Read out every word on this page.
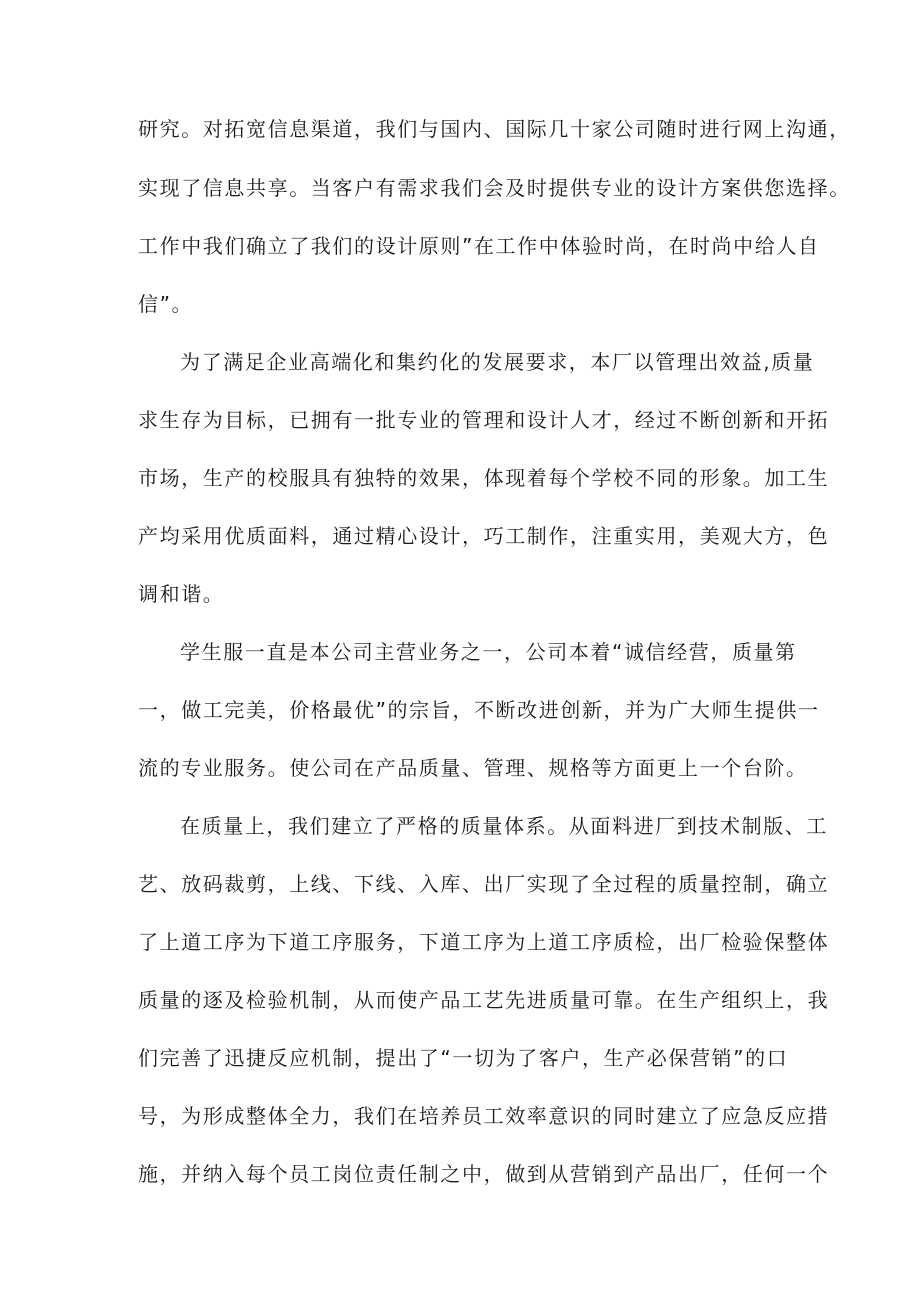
研究。对拓宽信息渠道，我们与国内、国际几十家公司随时进行网上沟通，
实现了信息共享。当客户有需求我们会及时提供专业的设计方案供您选择。
工作中我们确立了我们的设计原则”在工作中体验时尚，在时尚中给人自
信”。
为了满足企业高端化和集约化的发展要求，本厂以管理出效益,质量
求生存为目标，已拥有一批专业的管理和设计人才，经过不断创新和开拓
市场，生产的校服具有独特的效果，体现着每个学校不同的形象。加工生
产均采用优质面料，通过精心设计，巧工制作，注重实用，美观大方，色
调和谐。
学生服一直是本公司主营业务之一，公司本着“诚信经营，质量第
一，做工完美，价格最优”的宗旨，不断改进创新，并为广大师生提供一
流的专业服务。使公司在产品质量、管理、规格等方面更上一个台阶。
在质量上，我们建立了严格的质量体系。从面料进厂到技术制版、工
艺、放码裁剪，上线、下线、入库、出厂实现了全过程的质量控制，确立
了上道工序为下道工序服务，下道工序为上道工序质检，出厂检验保整体
质量的逐及检验机制，从而使产品工艺先进质量可靠。在生产组织上，我
们完善了迅捷反应机制，提出了“一切为了客户，生产必保营销”的口
号，为形成整体全力，我们在培养员工效率意识的同时建立了应急反应措
施，并纳入每个员工岗位责任制之中，做到从营销到产品出厂，任何一个
